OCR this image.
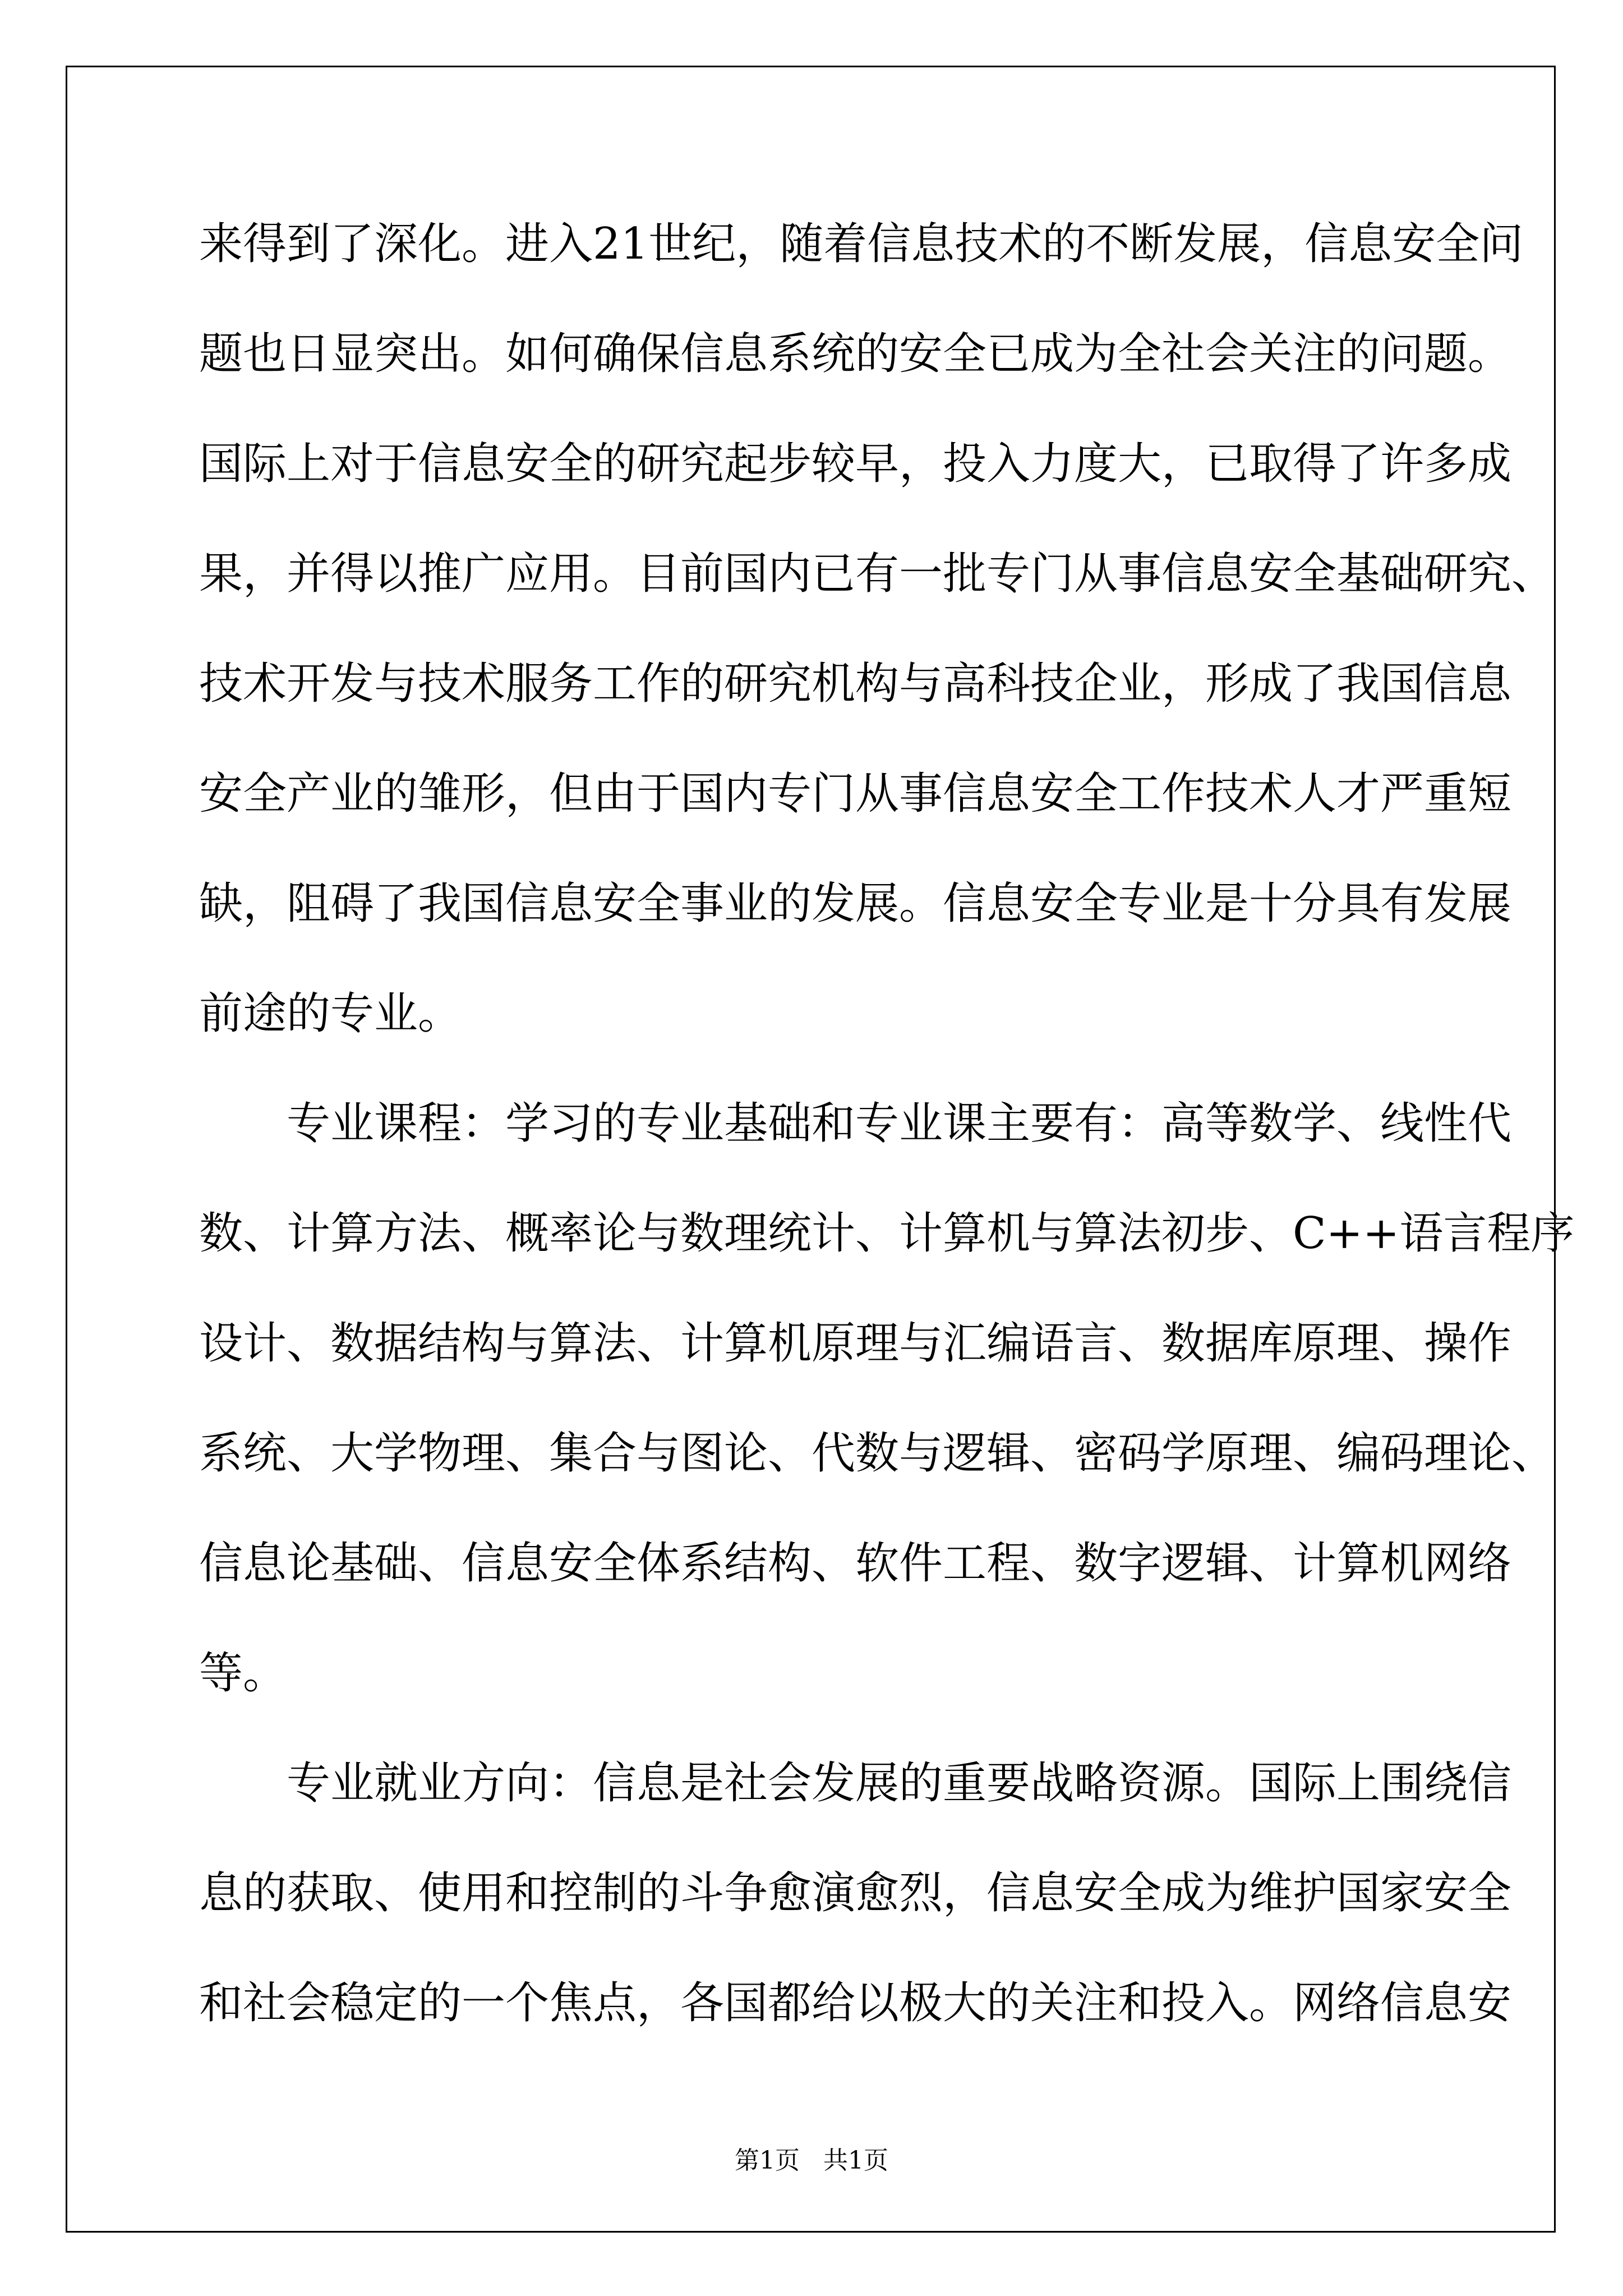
来得到了深化。进入21世纪，随着信息技术的不断发展，信息安全问
题也日显突出。如何确保信息系统的安全已成为全社会关注的问题。
国际上对于信息安全的研究起步较早，投入力度大，已取得了许多成
果，并得以推广应用。目前国内已有一批专门从事信息安全基础研究、
技术开发与技术服务工作的研究机构与高科技企业，形成了我国信息
安全产业的雏形，但由于国内专门从事信息安全工作技术人才严重短
缺，阻碍了我国信息安全事业的发展。信息安全专业是十分具有发展
前途的专业。
专业课程：学习的专业基础和专业课主要有：高等数学、线性代
数、计算方法、概率论与数理统计、计算机与算法初步、C++语言程序
设计、数据结构与算法、计算机原理与汇编语言、数据库原理、操作
系统、大学物理、集合与图论、代数与逻辑、密码学原理、编码理论、
信息论基础、信息安全体系结构、软件工程、数字逻辑、计算机网络
等。
专业就业方向：信息是社会发展的重要战略资源。国际上围绕信
息的获取、使用和控制的斗争愈演愈烈，信息安全成为维护国家安全
和社会稳定的一个焦点，各国都给以极大的关注和投入。网络信息安
第1页   共1页
